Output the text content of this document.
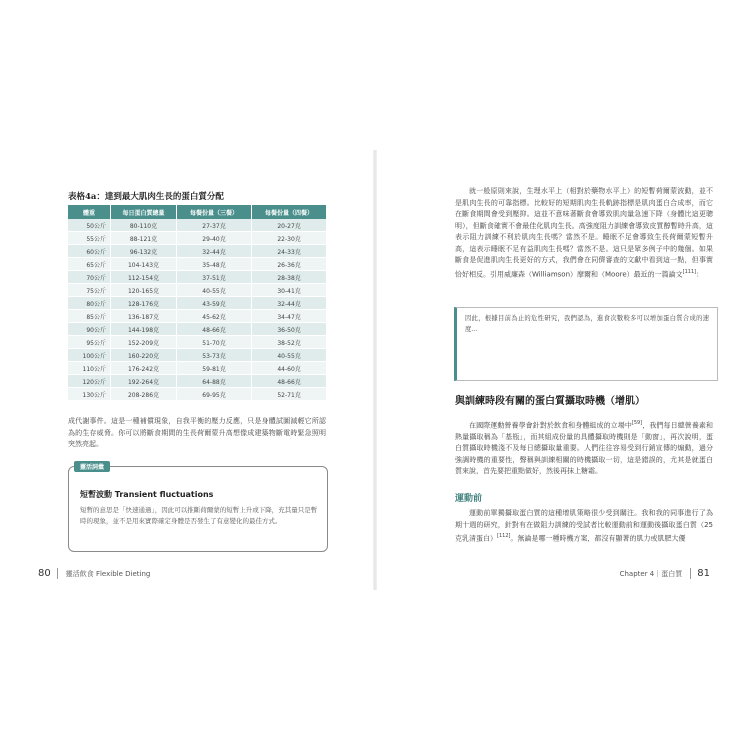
表格4a：達到最大肌肉生長的蛋白質分配
體重	每日蛋白質總量	每餐份量（三餐）	每餐份量（四餐）
50公斤	80-110克	27-37克	20-27克
55公斤	88-121克	29-40克	22-30克
60公斤	96-132克	32-44克	24-33克
65公斤	104-143克	35-48克	26-36克
70公斤	112-154克	37-51克	28-38克
75公斤	120-165克	40-55克	30-41克
80公斤	128-176克	43-59克	32-44克
85公斤	136-187克	45-62克	34-47克
90公斤	144-198克	48-66克	36-50克
95公斤	152-209克	51-70克	38-52克
100公斤	160-220克	53-73克	40-55克
110公斤	176-242克	59-81克	44-60克
120公斤	192-264克	64-88克	48-66克
130公斤	208-286克	69-95克	52-71克

成代謝事件。這是一種補償現象，自我平衡的壓力反應，只是身體試圖減輕它所認為的生存威脅。你可以將斷食期間的生長荷爾蒙升高想像成建築物斷電時緊急照明突然亮起。

靈活詞彙

短暫波動 Transient fluctuations

短暫的意思是「快速通過」，因此可以推斷荷爾蒙的短暫上升或下降，充其量只是暫時的現象，並不是用來實際確定身體是否發生了有意變化的最佳方式。

80	靈活飲食 Flexible Dieting

就一般原則來說，生理水平上（相對於藥物水平上）的短暫荷爾蒙波動，並不是肌肉生長的可靠指標。比較好的短期肌肉生長軌跡指標是肌肉蛋白合成率，而它在斷食期間會受到壓抑。這並不意味著斷食會導致肌肉量急速下降（身體比這更聰明），但斷食確實不會最佳化肌肉生長。高強度阻力訓練會導致皮質醇暫時升高，這表示阻力訓練不利於肌肉生長嗎？當然不是。睡眠不足會導致生長荷爾蒙短暫升高，這表示睡眠不足有益肌肉生長嗎？當然不是。這只是眾多例子中的幾個。如果斷食是促進肌肉生長更好的方式，我們會在同儕審查的文獻中看到這一點，但事實恰好相反。引用威廉森（Williamson）摩爾和（Moore）最近的一篇論文[111]：

因此，根據目前為止的危性研究，我們認為，進食次數較多可以增加蛋白質合成的速度...

與訓練時段有關的蛋白質攝取時機（增肌）

在國際運動營養學會針對於飲食和身體組成的立場中[59]，我們每日總營養素和熱量攝取稱為「基瓶」，而其組成份量的具體攝取時機則是「動窗」，再次說明，蛋白質攝取時機淺不及每日總攝取量重要。人們往往容易受到行銷宣傳的煽動，過分強調時機的重要性，聲稱與訓練相關的時機攝取一切，這是錯誤的，尤其是就蛋白質來說，首先要把重點做好，然後再抹上糖霜。

運動前

運動前單獨攝取蛋白質的這種增肌策略很少受到關注。我和我的同事進行了為期十週的研究，針對有在做阻力訓練的受試者比較運動前和運動後攝取蛋白質（25克乳清蛋白）[112]。無論是哪一種時機方案，都沒有顯著的肌力或肌肥大優

Chapter 4｜蛋白質	81
